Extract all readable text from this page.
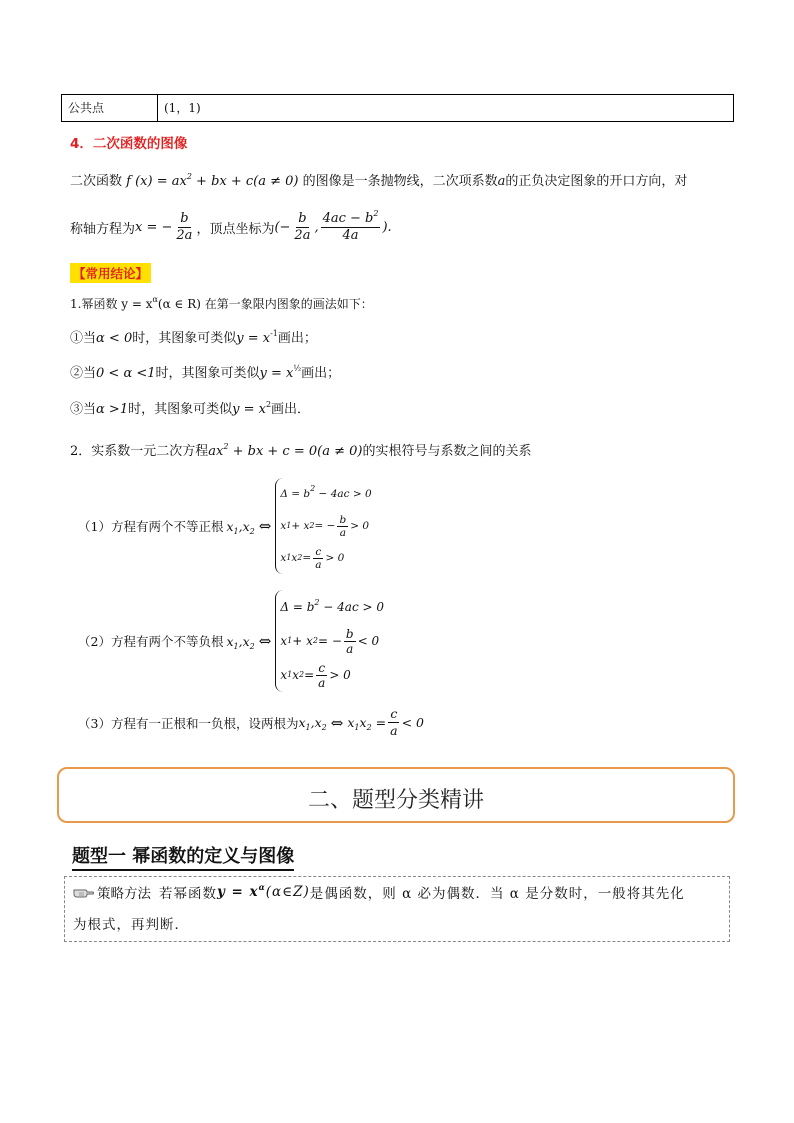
公共点	(1，1)
4．二次函数的图像
二次函数 f $(x) = ax^2$ + bx + c(a ≠ 0) 的图像是一条抛物线，二次项系数a的正负决定图象的开口方向，对
称轴方程为 x = − $\frac{b}{2a}$ ，顶点坐标为 (− $\frac{b}{2a}$ , $\frac{4ac - b^2}{4a}$ ).
【常用结论】
1.幂函数 $y = x^\alpha(\alpha$ ∈ R) 在第一象限内图象的画法如下：
①当α < 0时，其图象可类似$y = x^{-1}$画出；
②当0 < α <1时，其图象可类似$y = x^{\frac{1}{2}}$画出；
③当α >1时，其图象可类似$y = x^2$画出．
2．实系数一元二次方程$ax^2$ + bx + c = 0(a ≠ 0)的实根符号与系数之间的关系
（1）方程有两个不等正根 $x_1,x_2$ ⇔
$\Delta = b^2 - 4ac > 0$
x 1 + x 2 = − $\frac{b}{a} > 0$
x 1 x $2 = \frac{c}{a} > 0$
（2）方程有两个不等负根 $x_1,x_2$ ⇔
$\Delta = b^2 - 4ac > 0$
x 1 + x 2 = − $\frac{b}{a} < 0$
x 1 x $2 = \frac{c}{a} > 0$
（3）方程有一正根和一负根，设两根为 $x_1,x_2$ ⇔ $x_1x_2 = \frac{c}{a} < 0$
二、题型分类精讲
题型一 幂函数的定义与图像
策略方法 若幂函数 $y = x^\alpha$ (α∈Z) 是偶函数，则 α 必为偶数．当 α 是分数时，一般将其先化
为根式，再判断．
